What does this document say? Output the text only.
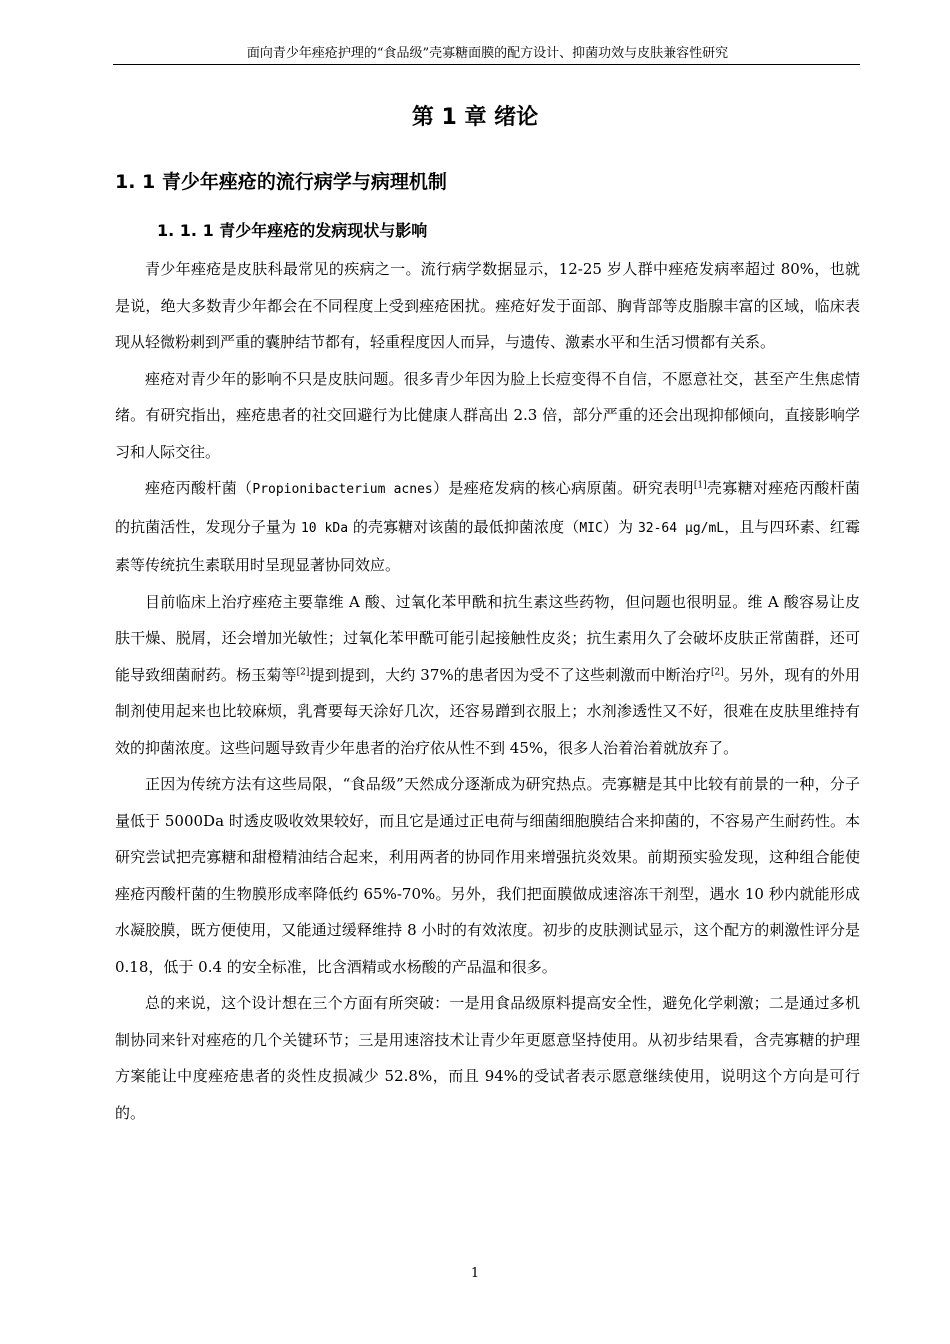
面向青少年痤疮护理的“食品级”壳寡糖面膜的配方设计、抑菌功效与皮肤兼容性研究
第 1 章 绪论
1. 1 青少年痤疮的流行病学与病理机制
1. 1. 1 青少年痤疮的发病现状与影响

青少年痤疮是皮肤科最常见的疾病之一。流行病学数据显示，12-25 岁人群中痤疮发病率超过 80%，也就是说，绝大多数青少年都会在不同程度上受到痤疮困扰。痤疮好发于面部、胸背部等皮脂腺丰富的区域，临床表现从轻微粉刺到严重的囊肿结节都有，轻重程度因人而异，与遗传、激素水平和生活习惯都有关系。

痤疮对青少年的影响不只是皮肤问题。很多青少年因为脸上长痘变得不自信，不愿意社交，甚至产生焦虑情绪。有研究指出，痤疮患者的社交回避行为比健康人群高出 2.3 倍，部分严重的还会出现抑郁倾向，直接影响学习和人际交往。

痤疮丙酸杆菌（Propionibacterium acnes）是痤疮发病的核心病原菌。研究表明[1]壳寡糖对痤疮丙酸杆菌的抗菌活性，发现分子量为 10 kDa 的壳寡糖对该菌的最低抑菌浓度（MIC）为 32-64 μg/mL，且与四环素、红霉素等传统抗生素联用时呈现显著协同效应。

目前临床上治疗痤疮主要靠维 A 酸、过氧化苯甲酰和抗生素这些药物，但问题也很明显。维 A 酸容易让皮肤干燥、脱屑，还会增加光敏性；过氧化苯甲酰可能引起接触性皮炎；抗生素用久了会破坏皮肤正常菌群，还可能导致细菌耐药。杨玉菊等[2]提到提到，大约 37%的患者因为受不了这些刺激而中断治疗[2]。另外，现有的外用制剂使用起来也比较麻烦，乳膏要每天涂好几次，还容易蹭到衣服上；水剂渗透性又不好，很难在皮肤里维持有效的抑菌浓度。这些问题导致青少年患者的治疗依从性不到 45%，很多人治着治着就放弃了。

正因为传统方法有这些局限，“食品级”天然成分逐渐成为研究热点。壳寡糖是其中比较有前景的一种，分子量低于 5000Da 时透皮吸收效果较好，而且它是通过正电荷与细菌细胞膜结合来抑菌的，不容易产生耐药性。本研究尝试把壳寡糖和甜橙精油结合起来，利用两者的协同作用来增强抗炎效果。前期预实验发现，这种组合能使痤疮丙酸杆菌的生物膜形成率降低约 65%-70%。另外，我们把面膜做成速溶冻干剂型，遇水 10 秒内就能形成水凝胶膜，既方便使用，又能通过缓释维持 8 小时的有效浓度。初步的皮肤测试显示，这个配方的刺激性评分是 0.18，低于 0.4 的安全标准，比含酒精或水杨酸的产品温和很多。

总的来说，这个设计想在三个方面有所突破：一是用食品级原料提高安全性，避免化学刺激；二是通过多机制协同来针对痤疮的几个关键环节；三是用速溶技术让青少年更愿意坚持使用。从初步结果看，含壳寡糖的护理方案能让中度痤疮患者的炎性皮损减少 52.8%，而且 94%的受试者表示愿意继续使用，说明这个方向是可行的。

1
